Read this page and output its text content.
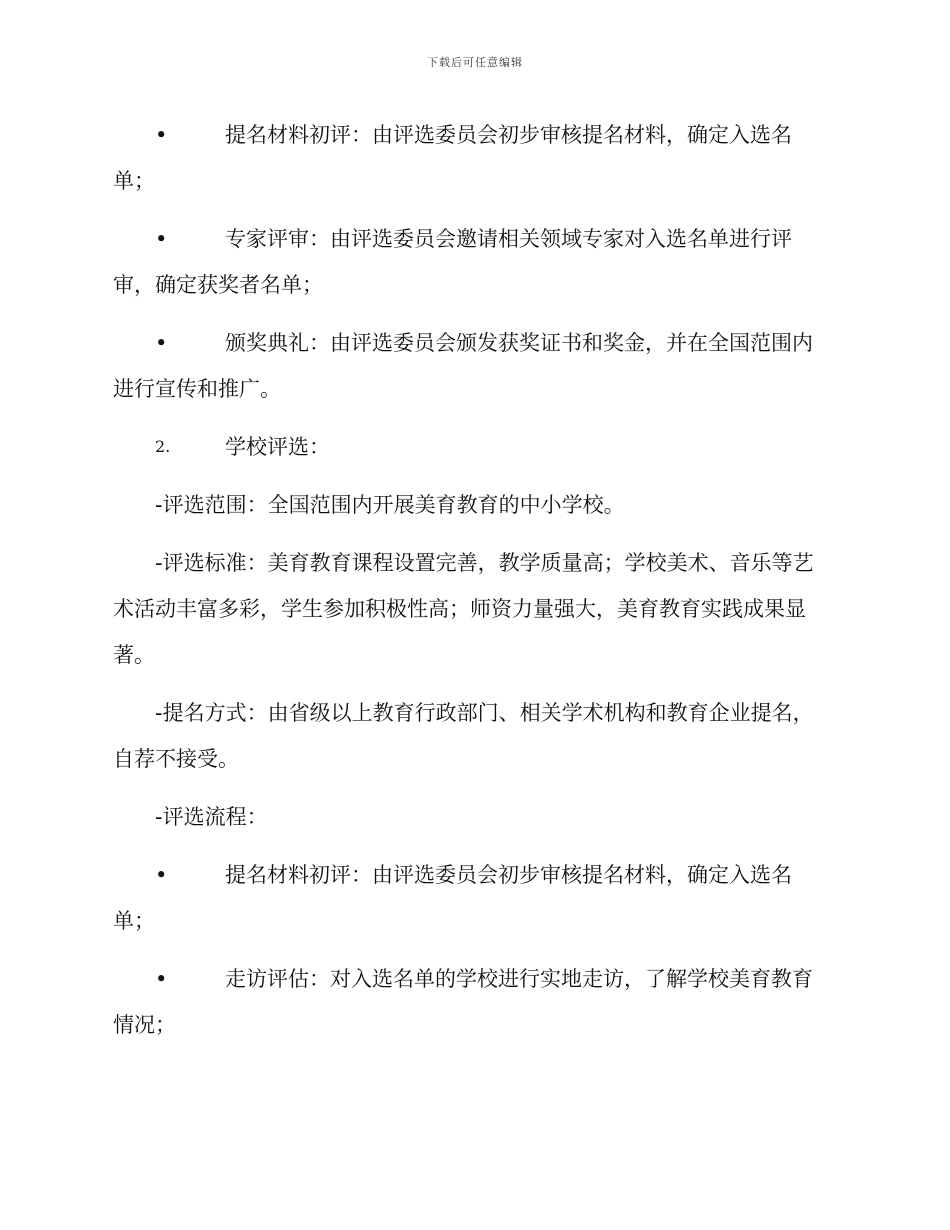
下载后可任意编辑
•	提名材料初评：由评选委员会初步审核提名材料，确定入选名单；
•	专家评审：由评选委员会邀请相关领域专家对入选名单进行评审，确定获奖者名单；
•	颁奖典礼：由评选委员会颁发获奖证书和奖金，并在全国范围内进行宣传和推广。
2.	学校评选：

-评选范围：全国范围内开展美育教育的中小学校。

-评选标准：美育教育课程设置完善，教学质量高；学校美术、音乐等艺术活动丰富多彩，学生参加积极性高；师资力量强大，美育教育实践成果显著。

-提名方式：由省级以上教育行政部门、相关学术机构和教育企业提名，自荐不接受。

-评选流程：

•	提名材料初评：由评选委员会初步审核提名材料，确定入选名单；
•	走访评估：对入选名单的学校进行实地走访，了解学校美育教育情况；
